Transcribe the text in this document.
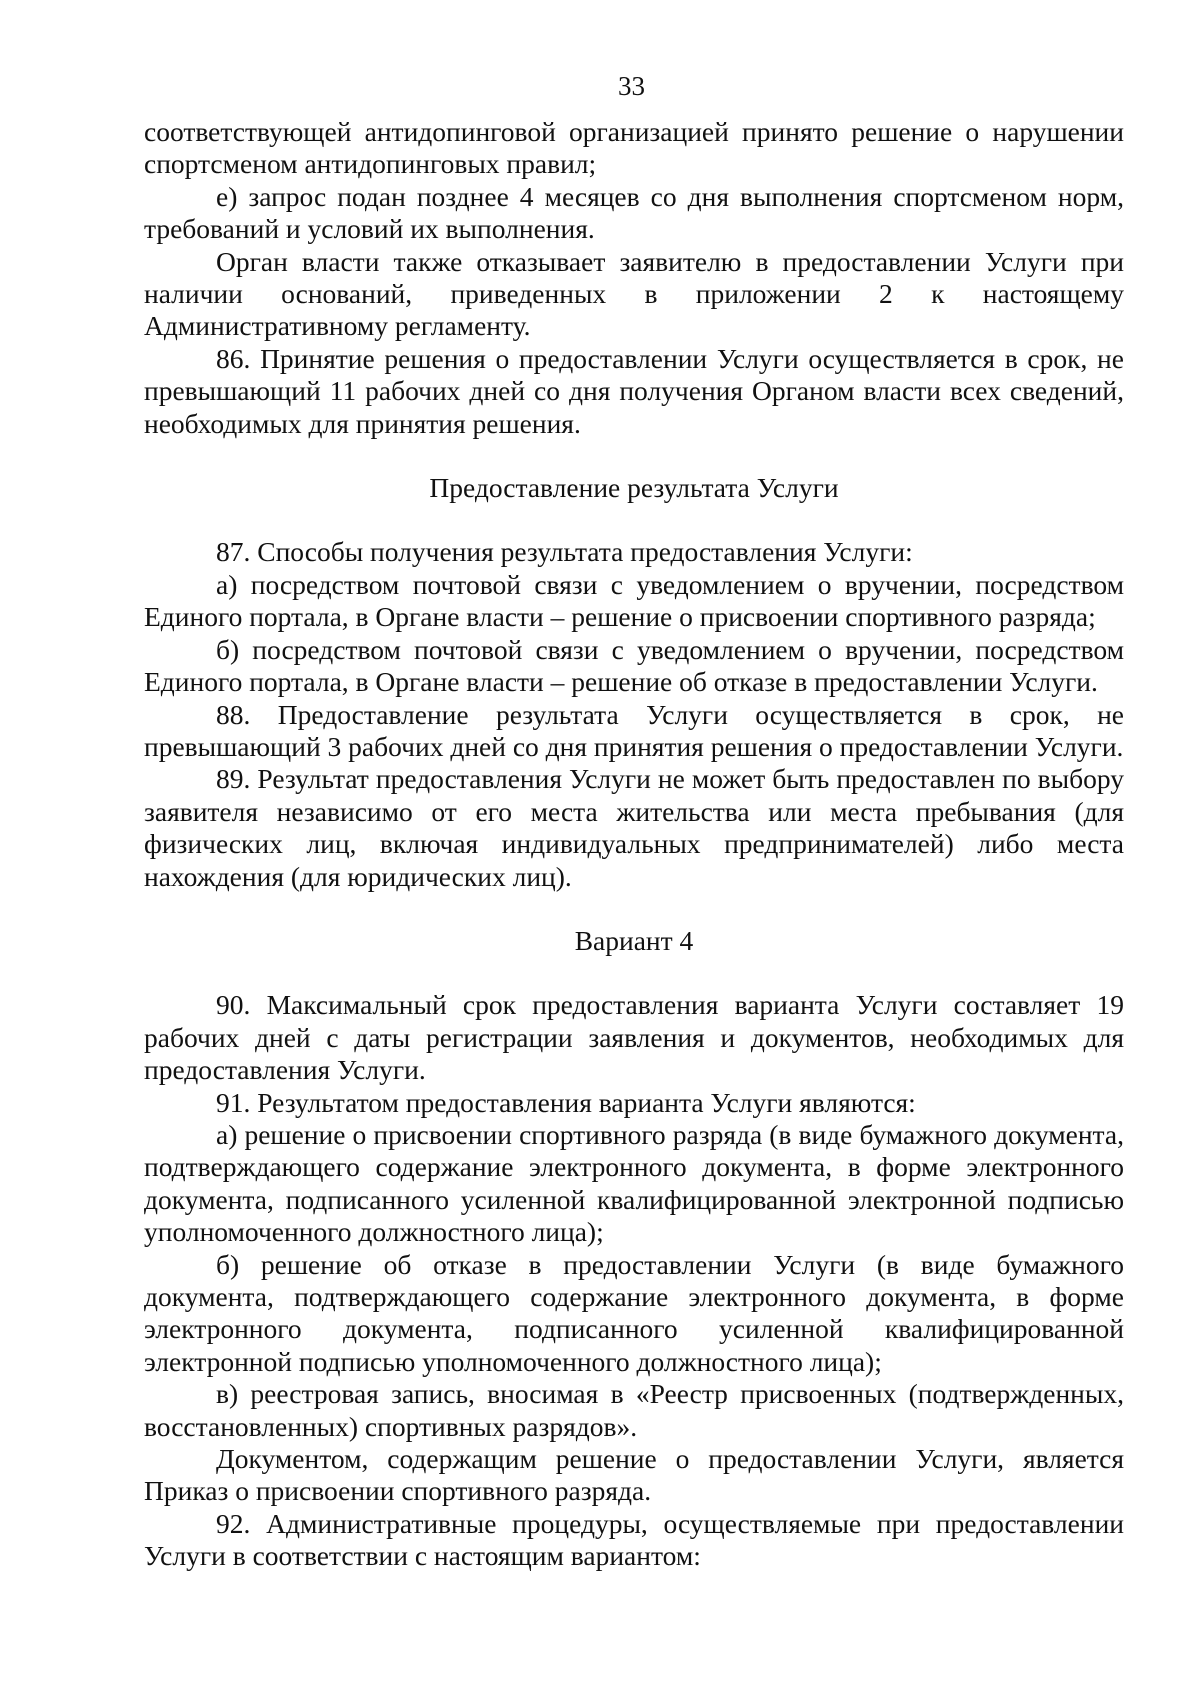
33

соответствующей антидопинговой организацией принято решение о нарушении спортсменом антидопинговых правил;

е) запрос подан позднее 4 месяцев со дня выполнения спортсменом норм, требований и условий их выполнения.

Орган власти также отказывает заявителю в предоставлении Услуги при наличии оснований, приведенных в приложении 2 к настоящему Административному регламенту.

86. Принятие решения о предоставлении Услуги осуществляется в срок, не превышающий 11 рабочих дней со дня получения Органом власти всех сведений, необходимых для принятия решения.

Предоставление результата Услуги

87. Способы получения результата предоставления Услуги:

а) посредством почтовой связи с уведомлением о вручении, посредством Единого портала, в Органе власти – решение о присвоении спортивного разряда;

б) посредством почтовой связи с уведомлением о вручении, посредством Единого портала, в Органе власти – решение об отказе в предоставлении Услуги.

88. Предоставление результата Услуги осуществляется в срок, не превышающий 3 рабочих дней со дня принятия решения о предоставлении Услуги.

89. Результат предоставления Услуги не может быть предоставлен по выбору заявителя независимо от его места жительства или места пребывания (для физических лиц, включая индивидуальных предпринимателей) либо места нахождения (для юридических лиц).

Вариант 4

90. Максимальный срок предоставления варианта Услуги составляет 19 рабочих дней с даты регистрации заявления и документов, необходимых для предоставления Услуги.

91. Результатом предоставления варианта Услуги являются:

а) решение о присвоении спортивного разряда (в виде бумажного документа, подтверждающего содержание электронного документа, в форме электронного документа, подписанного усиленной квалифицированной электронной подписью уполномоченного должностного лица);

б) решение об отказе в предоставлении Услуги (в виде бумажного документа, подтверждающего содержание электронного документа, в форме электронного документа, подписанного усиленной квалифицированной электронной подписью уполномоченного должностного лица);

в) реестровая запись, вносимая в «Реестр присвоенных (подтвержденных, восстановленных) спортивных разрядов».

Документом, содержащим решение о предоставлении Услуги, является Приказ о присвоении спортивного разряда.

92. Административные процедуры, осуществляемые при предоставлении Услуги в соответствии с настоящим вариантом:
